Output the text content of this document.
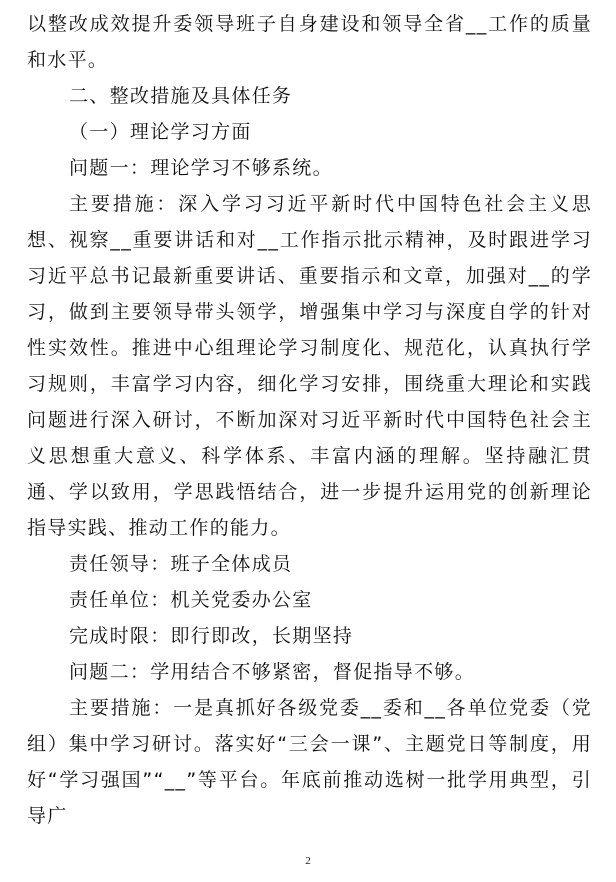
以整改成效提升委领导班子自身建设和领导全省__工作的质量和水平。

二、整改措施及具体任务

（一）理论学习方面

问题一：理论学习不够系统。

主要措施：深入学习习近平新时代中国特色社会主义思想、视察__重要讲话和对__工作指示批示精神，及时跟进学习习近平总书记最新重要讲话、重要指示和文章，加强对__的学习，做到主要领导带头领学，增强集中学习与深度自学的针对性实效性。推进中心组理论学习制度化、规范化，认真执行学习规则，丰富学习内容，细化学习安排，围绕重大理论和实践问题进行深入研讨，不断加深对习近平新时代中国特色社会主义思想重大意义、科学体系、丰富内涵的理解。坚持融汇贯通、学以致用，学思践悟结合，进一步提升运用党的创新理论指导实践、推动工作的能力。

责任领导：班子全体成员

责任单位：机关党委办公室

完成时限：即行即改，长期坚持

问题二：学用结合不够紧密，督促指导不够。

主要措施：一是真抓好各级党委__委和__各单位党委（党组）集中学习研讨。落实好“三会一课”、主题党日等制度，用好“学习强国”“__”等平台。年底前推动选树一批学用典型，引导广

2
